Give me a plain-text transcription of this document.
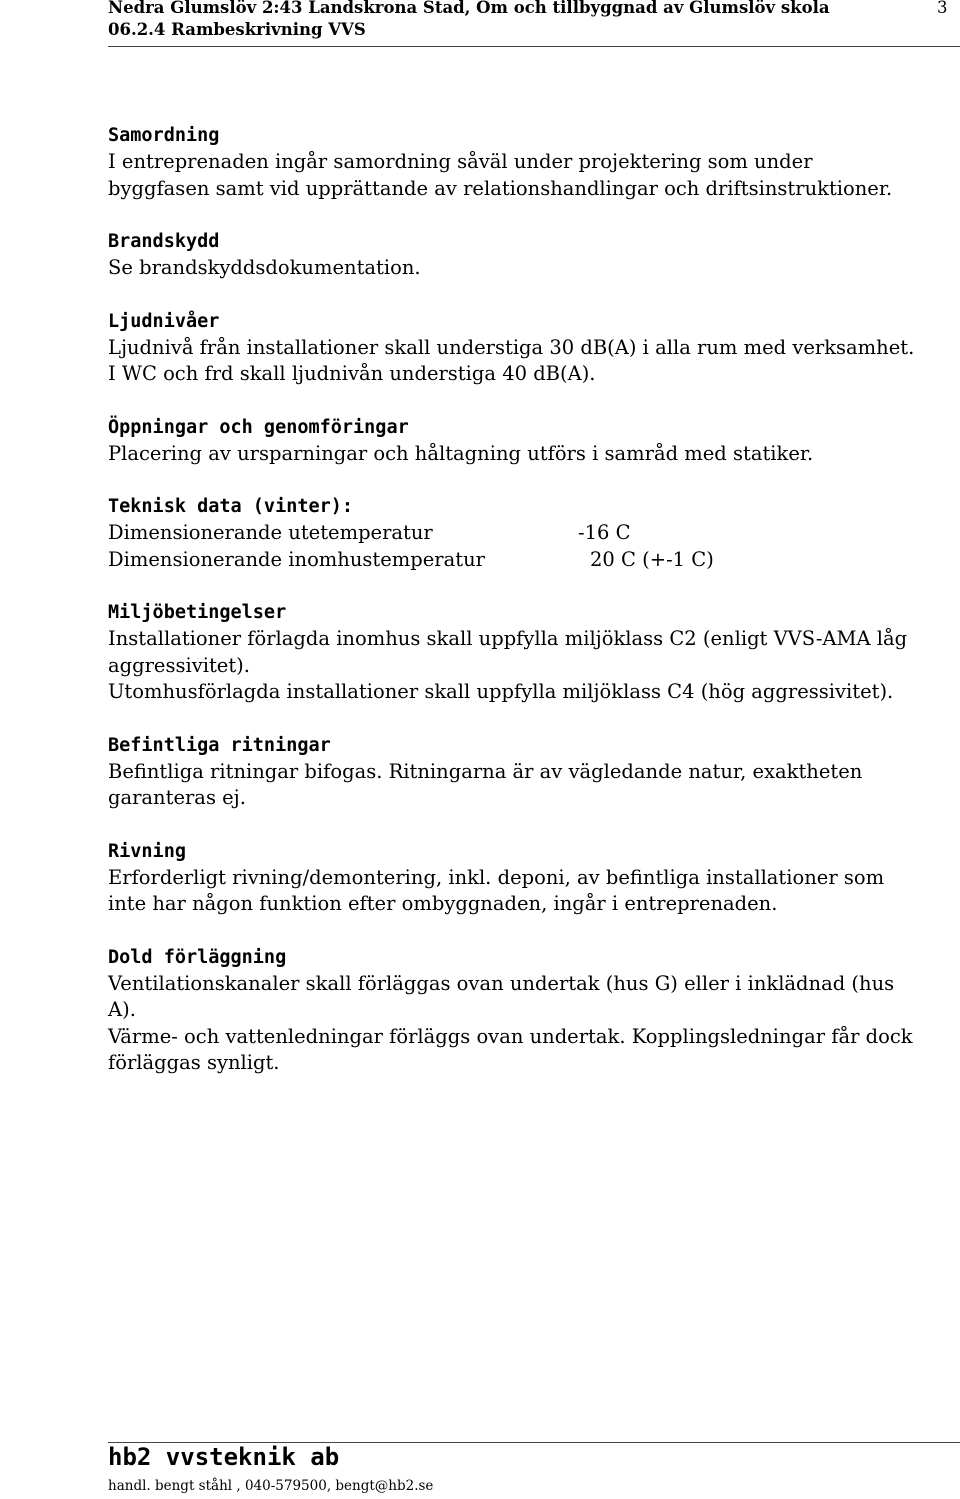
Nedra Glumslöv 2:43 Landskrona Stad, Om och tillbyggnad av Glumslöv skola
06.2.4 Rambeskrivning VVS
3
Samordning
I entreprenaden ingår samordning såväl under projektering som under byggfasen samt vid upprättande av relationshandlingar och driftsinstruktioner.
Brandskydd
Se brandskyddsdokumentation.
Ljudnivåer
Ljudnivå från installationer skall understiga 30 dB(A) i alla rum med verksamhet.
I WC och frd skall ljudnivån understiga 40 dB(A).
Öppningar och genomföringar
Placering av ursparningar och håltagning utförs i samråd med statiker.
Teknisk data (vinter):
Dimensionerande utetemperatur	-16 C
Dimensionerande inomhustemperatur	20 C (+-1 C)
Miljöbetingelser
Installationer förlagda inomhus skall uppfylla miljöklass C2 (enligt VVS-AMA låg aggressivitet).
Utomhusförlagda installationer skall uppfylla miljöklass C4 (hög aggressivitet).
Befintliga ritningar
Befintliga ritningar bifogas. Ritningarna är av vägledande natur, exaktheten garanteras ej.
Rivning
Erforderligt rivning/demontering, inkl. deponi, av befintliga installationer som inte har någon funktion efter ombyggnaden, ingår i entreprenaden.
Dold förläggning
Ventilationskanaler skall förläggas ovan undertak (hus G) eller i inklädnad (hus A).
Värme- och vattenledningar förläggs ovan undertak. Kopplingsledningar får dock förläggas synligt.
hb2 vvsteknik ab
handl. bengt ståhl , 040-579500, bengt@hb2.se
